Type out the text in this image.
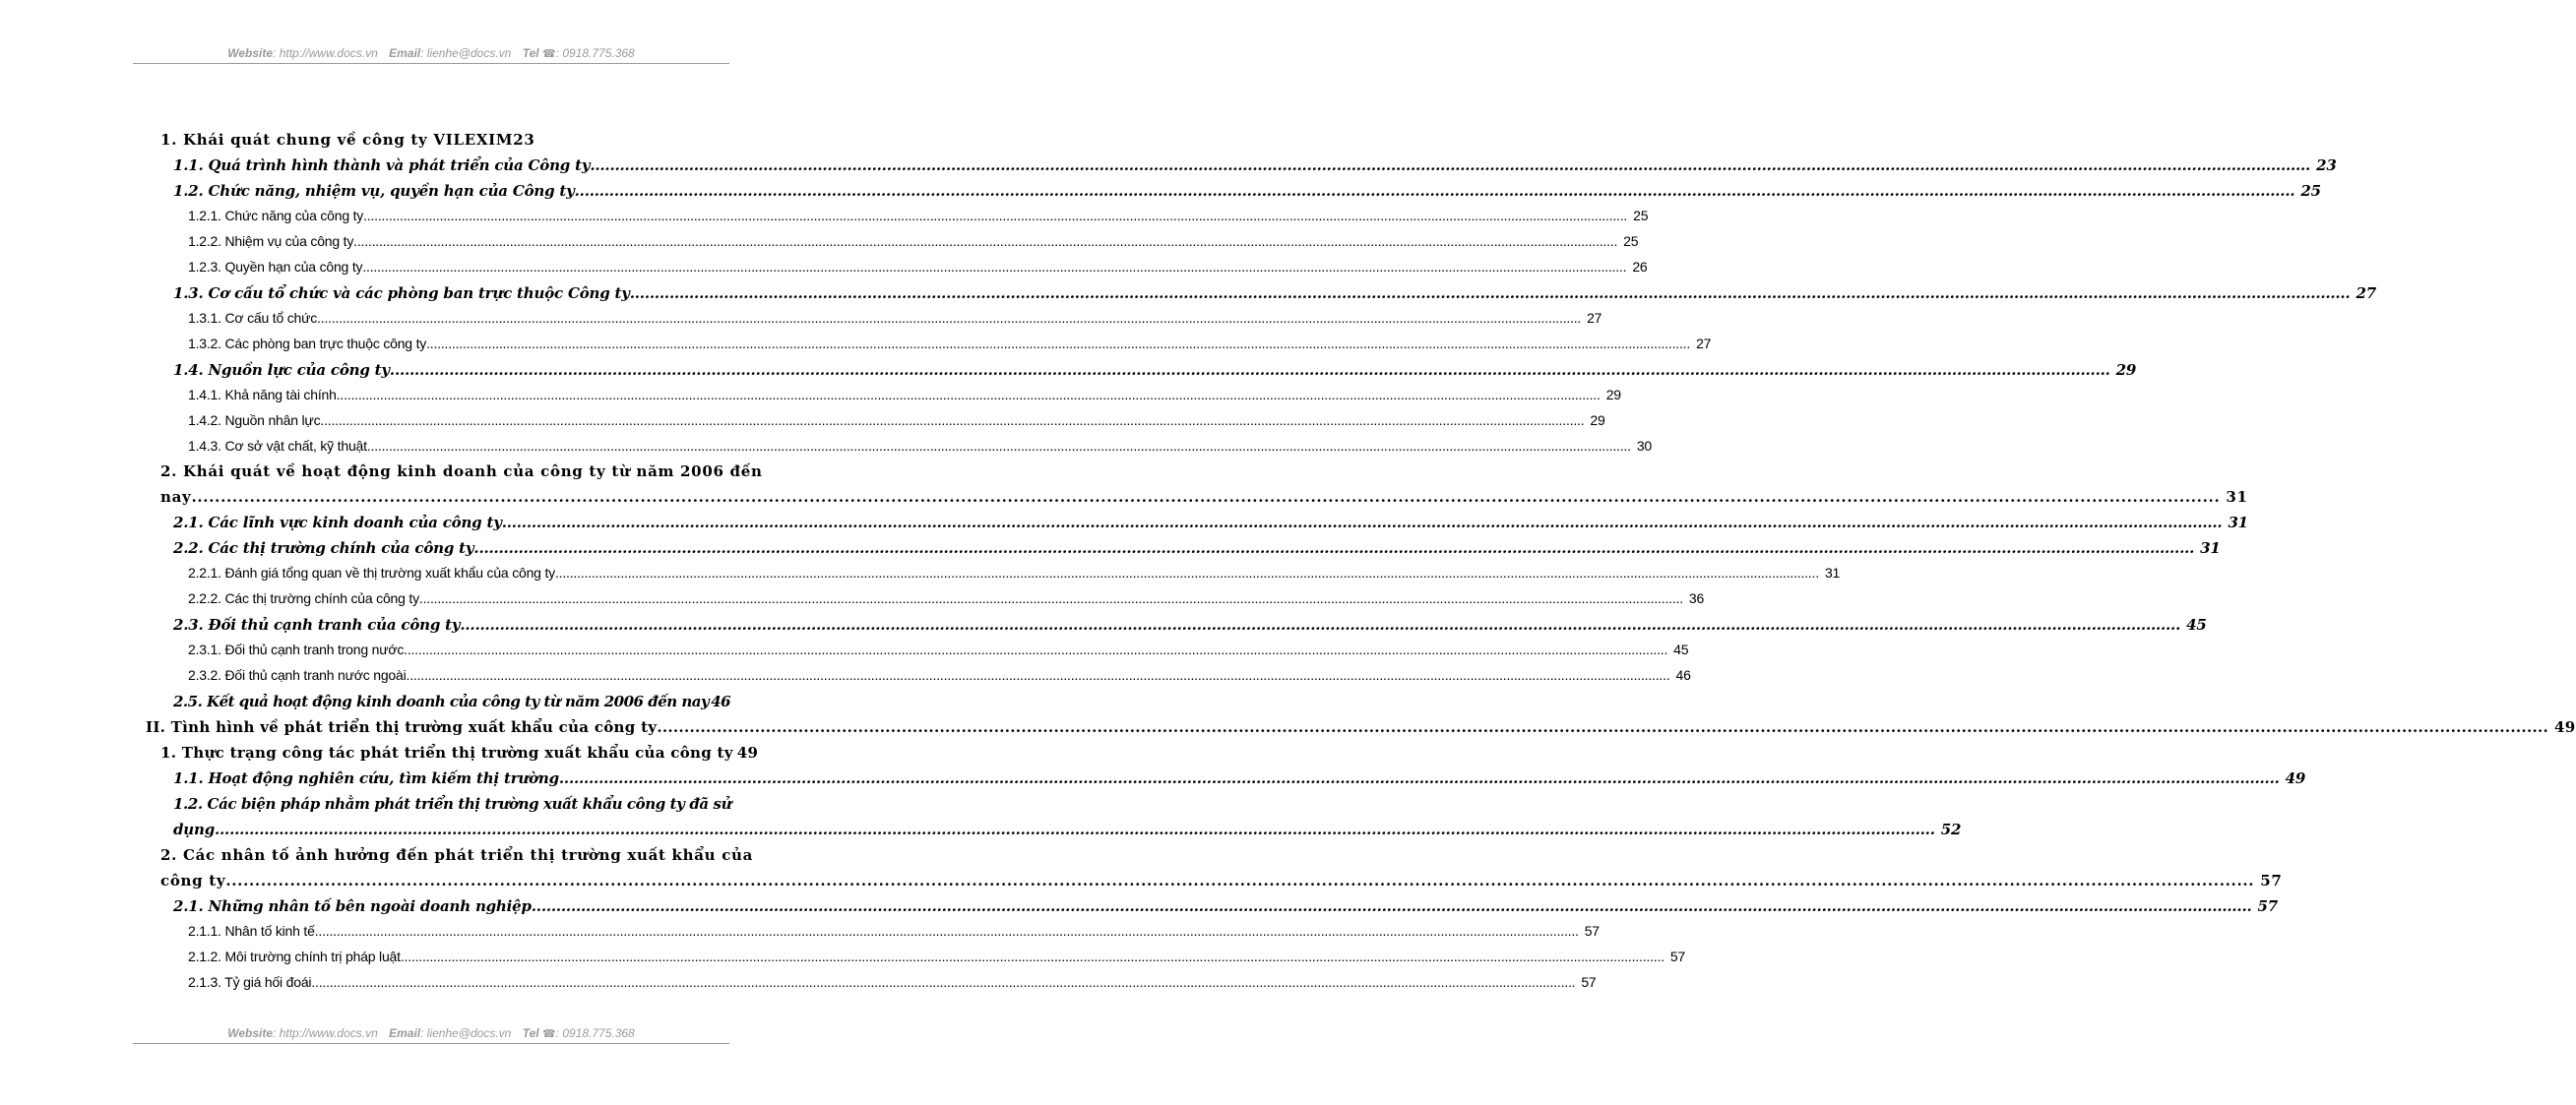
Website: http://www.docs.vn Email: lienhe@docs.vn Tel ☎: 0918.775.368
1. Khái quát chung về công ty VILEXIM 23
1.1. Quá trình hình thành và phát triển của Công ty .....	23
1.2. Chức năng, nhiệm vụ, quyền hạn của Công ty .....	25
1.2.1. Chức năng của công ty .....	25
1.2.2. Nhiệm vụ của công ty .....	25
1.2.3. Quyền hạn của công ty .....	26
1.3. Cơ cấu tổ chức và các phòng ban trực thuộc Công ty .....	27
1.3.1. Cơ cấu tổ chức .....	27
1.3.2. Các phòng ban trực thuộc công ty .....	27
1.4. Nguồn lực của công ty .....	29
1.4.1. Khả năng tài chính .....	29
1.4.2. Nguồn nhân lực .....	29
1.4.3. Cơ sở vật chất, kỹ thuật .....	30
2. Khái quát về hoạt động kinh doanh của công ty từ năm 2006 đến
nay .....	31
2.1. Các lĩnh vực kinh doanh của công ty .....	31
2.2. Các thị trường chính của công ty .....	31
2.2.1. Đánh giá tổng quan về thị trường xuất khẩu của công ty .....	31
2.2.2. Các thị trường chính của công ty .....	36
2.3. Đối thủ cạnh tranh của công ty .....	45
2.3.1. Đối thủ cạnh tranh trong nước .....	45
2.3.2. Đối thủ cạnh tranh nước ngoài .....	46
2.5. Kết quả hoạt động kinh doanh của công ty từ năm 2006 đến nay 46
II. Tình hình về phát triển thị trường xuất khẩu của công ty .....	49
1. Thực trạng công tác phát triển thị trường xuất khẩu của công ty 49
1.1. Hoạt động nghiên cứu, tìm kiếm thị trường .....	49
1.2. Các biện pháp nhằm phát triển thị trường xuất khẩu công ty đã sử
dụng .....	52
2. Các nhân tố ảnh hưởng đến phát triển thị trường xuất khẩu của
công ty .....	57
2.1. Những nhân tố bên ngoài doanh nghiệp .....	57
2.1.1. Nhân tố kinh tế .....	57
2.1.2. Môi trường chính trị pháp luật .....	57
2.1.3. Tỷ giá hối đoái .....	57
Website: http://www.docs.vn Email: lienhe@docs.vn Tel ☎: 0918.775.368
